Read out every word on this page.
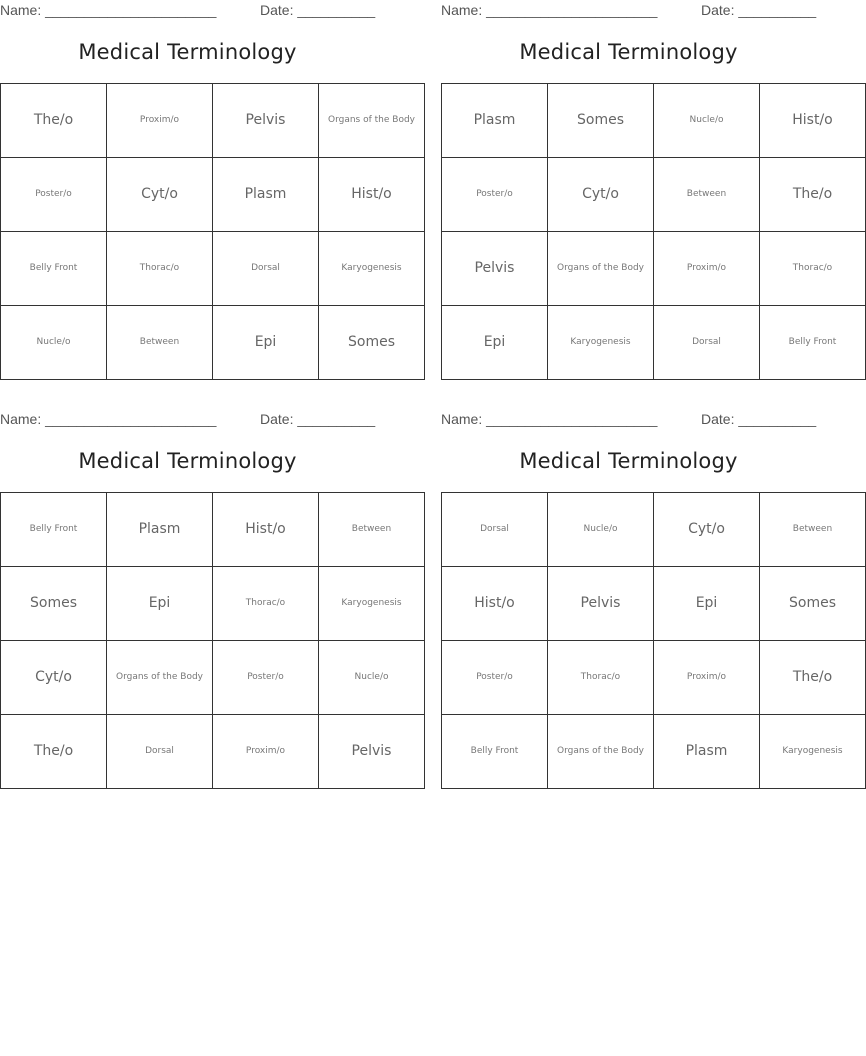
Name: ______________________	Date: __________
Medical Terminology
The/o	Proxim/o	Pelvis	Organs of the Body
Poster/o	Cyt/o	Plasm	Hist/o
Belly Front	Thorac/o	Dorsal	Karyogenesis
Nucle/o	Between	Epi	Somes
Name: ______________________	Date: __________
Medical Terminology
Plasm	Somes	Nucle/o	Hist/o
Poster/o	Cyt/o	Between	The/o
Pelvis	Organs of the Body	Proxim/o	Thorac/o
Epi	Karyogenesis	Dorsal	Belly Front
Name: ______________________	Date: __________
Medical Terminology
Belly Front	Plasm	Hist/o	Between
Somes	Epi	Thorac/o	Karyogenesis
Cyt/o	Organs of the Body	Poster/o	Nucle/o
The/o	Dorsal	Proxim/o	Pelvis
Name: ______________________	Date: __________
Medical Terminology
Dorsal	Nucle/o	Cyt/o	Between
Hist/o	Pelvis	Epi	Somes
Poster/o	Thorac/o	Proxim/o	The/o
Belly Front	Organs of the Body	Plasm	Karyogenesis
